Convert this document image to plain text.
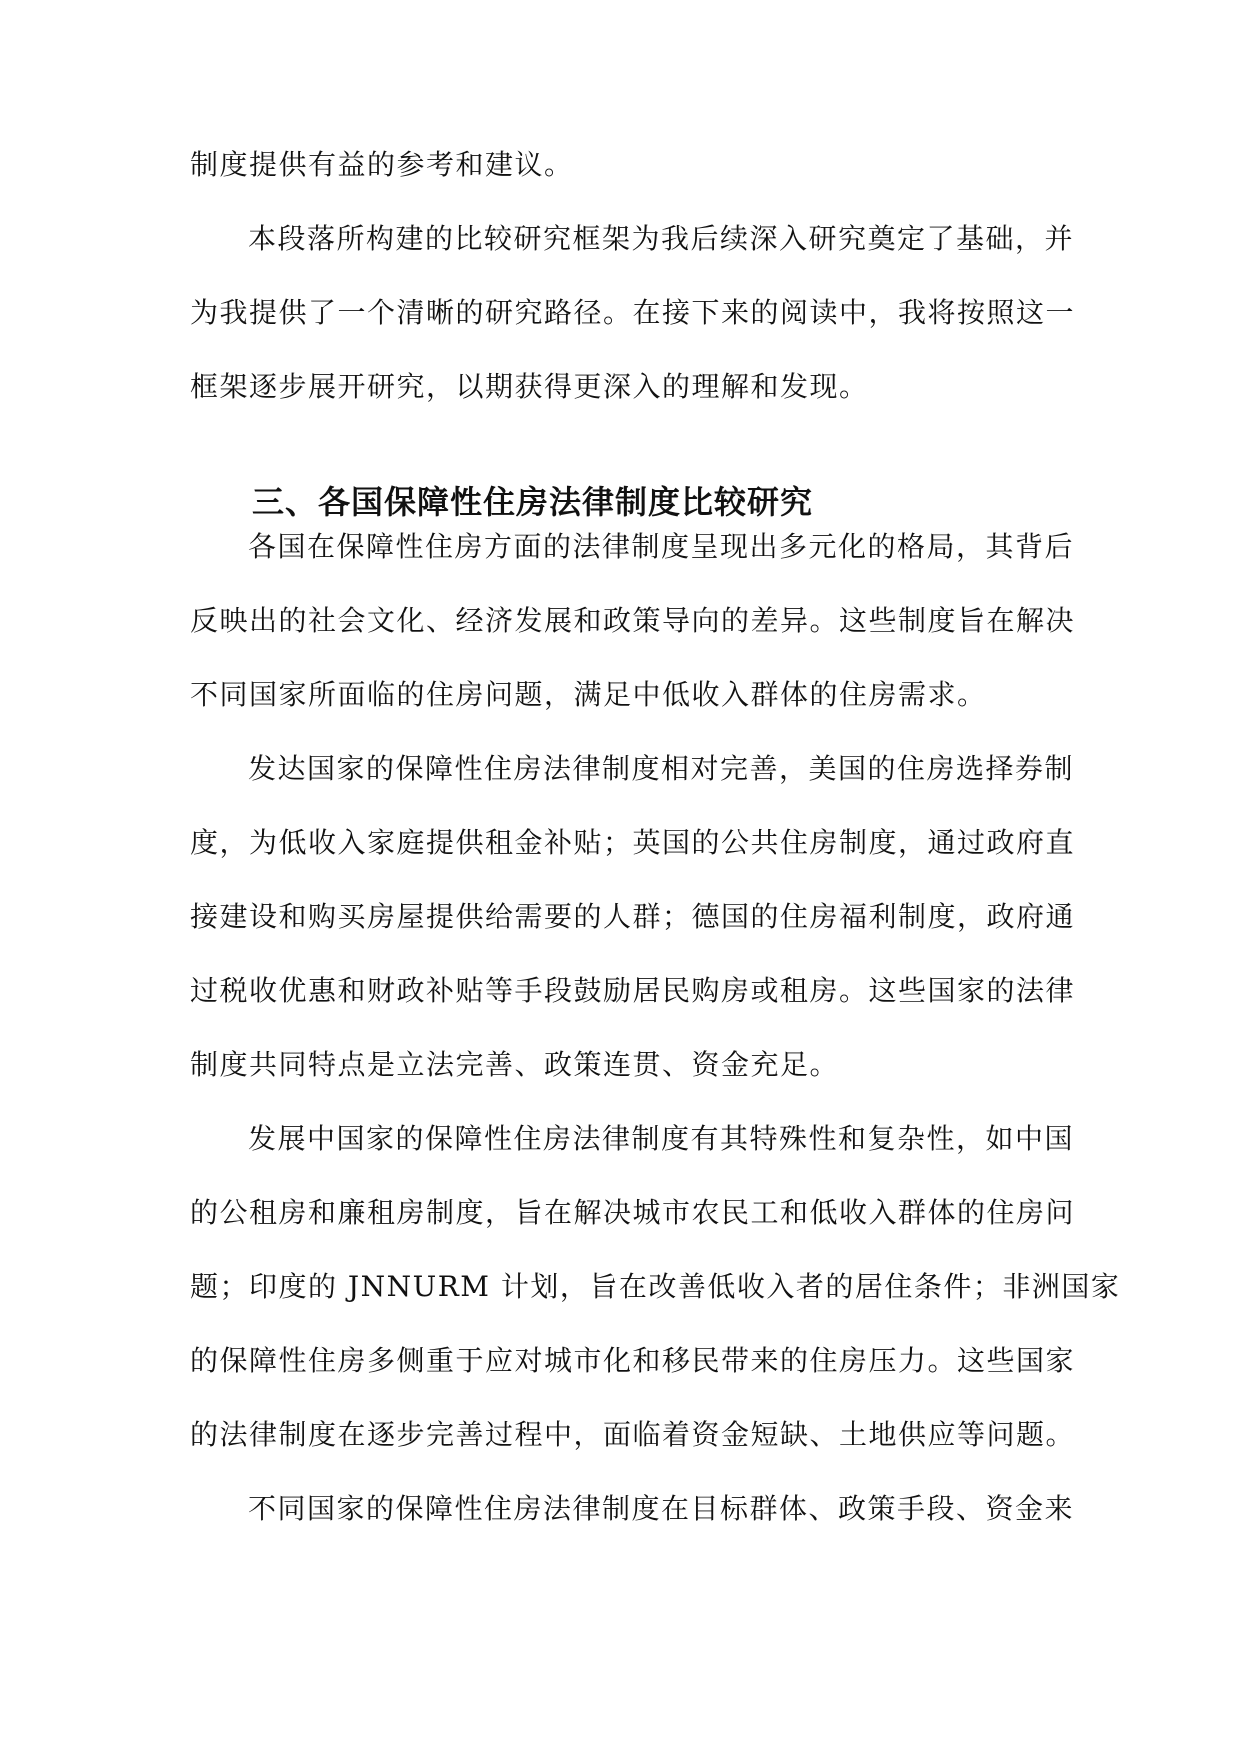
制度提供有益的参考和建议。
本段落所构建的比较研究框架为我后续深入研究奠定了基础，并
为我提供了一个清晰的研究路径。在接下来的阅读中，我将按照这一
框架逐步展开研究，以期获得更深入的理解和发现。
三、各国保障性住房法律制度比较研究
各国在保障性住房方面的法律制度呈现出多元化的格局，其背后
反映出的社会文化、经济发展和政策导向的差异。这些制度旨在解决
不同国家所面临的住房问题，满足中低收入群体的住房需求。
发达国家的保障性住房法律制度相对完善，美国的住房选择券制
度，为低收入家庭提供租金补贴；英国的公共住房制度，通过政府直
接建设和购买房屋提供给需要的人群；德国的住房福利制度，政府通
过税收优惠和财政补贴等手段鼓励居民购房或租房。这些国家的法律
制度共同特点是立法完善、政策连贯、资金充足。
发展中国家的保障性住房法律制度有其特殊性和复杂性，如中国
的公租房和廉租房制度，旨在解决城市农民工和低收入群体的住房问
题；印度的 JNNURM 计划，旨在改善低收入者的居住条件；非洲国家
的保障性住房多侧重于应对城市化和移民带来的住房压力。这些国家
的法律制度在逐步完善过程中，面临着资金短缺、土地供应等问题。
不同国家的保障性住房法律制度在目标群体、政策手段、资金来
